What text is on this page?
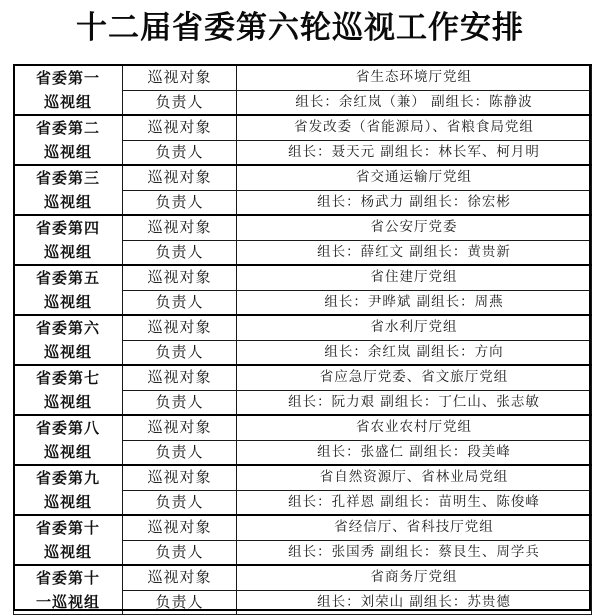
十二届省委第六轮巡视工作安排
省委第一
巡视组	巡视对象	省生态环境厅党组
	负责人	组长：余红岚（兼） 副组长：陈静波

省委第二
巡视组	巡视对象	省发改委（省能源局）、省粮食局党组
	负责人	组长：聂天元 副组长：林长军、柯月明

省委第三
巡视组	巡视对象	省交通运输厅党组
	负责人	组长：杨武力 副组长：徐宏彬

省委第四
巡视组	巡视对象	省公安厅党委
	负责人	组长：薛红文 副组长：黄贵新

省委第五
巡视组	巡视对象	省住建厅党组
	负责人	组长：尹晔斌 副组长：周燕

省委第六
巡视组	巡视对象	省水利厅党组
	负责人	组长：余红岚 副组长：方向

省委第七
巡视组	巡视对象	省应急厅党委、省文旅厅党组
	负责人	组长：阮力艰 副组长：丁仁山、张志敏

省委第八
巡视组	巡视对象	省农业农村厅党组
	负责人	组长：张盛仁 副组长：段美峰

省委第九
巡视组	巡视对象	省自然资源厅、省林业局党组
	负责人	组长：孔祥恩 副组长：苗明生、陈俊峰

省委第十
巡视组	巡视对象	省经信厅、省科技厅党组
	负责人	组长：张国秀 副组长：蔡艮生、周学兵

省委第十
一巡视组	巡视对象	省商务厅党组
	负责人	组长：刘荣山 副组长：苏贵德
